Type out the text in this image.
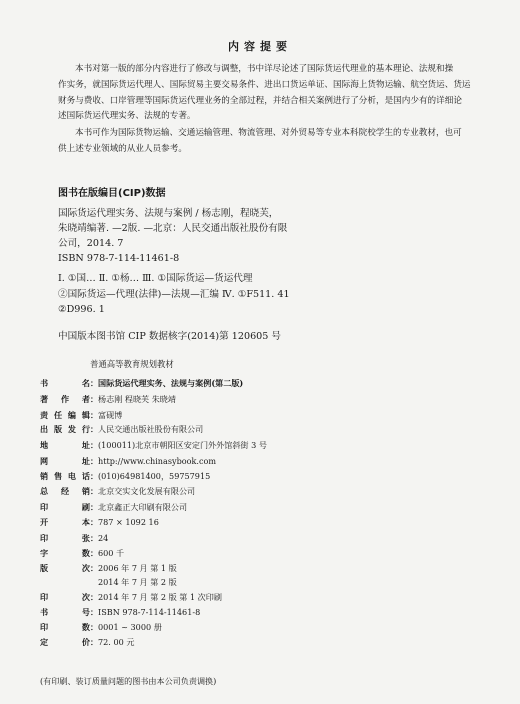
内容提要
本书对第一版的部分内容进行了修改与调整，书中详尽论述了国际货运代理业的基本理论、法规和操
作实务，就国际货运代理人、国际贸易主要交易条件、进出口货运单证、国际海上货物运输、航空货运、货运
财务与费收、口岸管理等国际货运代理业务的全部过程，并结合相关案例进行了分析，是国内少有的详细论
述国际货运代理实务、法规的专著。
本书可作为国际货物运输、交通运输管理、物流管理、对外贸易等专业本科院校学生的专业教材，也可
供上述专业领域的从业人员参考。
图书在版编目(CIP)数据
国际货运代理实务、法规与案例 / 杨志刚，程晓芙，
朱晓靖编著. —2版. —北京：人民交通出版社股份有限
公司，2014. 7
ISBN 978-7-114-11461-8
Ⅰ. ①国… Ⅱ. ①杨… Ⅲ. ①国际货运—货运代理
②国际货运—代理(法律)—法规—汇编 Ⅳ. ①F511. 41
②D996. 1
中国版本图书馆 CIP 数据核字(2014)第 120605 号
普通高等教育规划教材
书名 ： 国际货运代理实务、法规与案例(第二版)
著作者 ： 杨志刚 程晓芙 朱晓靖
责任编辑 ： 富砚博
出版发行 ： 人民交通出版社股份有限公司
地址 ： (100011)北京市朝阳区安定门外外馆斜街 3 号
网址 ： http://www.chinasybook.com
销售电话 ： (010)64981400，59757915
总经销 ： 北京交实文化发展有限公司
印刷 ： 北京鑫正大印刷有限公司
开本 ： 787 × 1092 16
印张 ： 24
字数 ： 600 千
版次 ： 2006 年 7 月 第 1 版
2014 年 7 月 第 2 版
印次 ： 2014 年 7 月 第 2 版 第 1 次印刷
书号 ： ISBN 978-7-114-11461-8
印数 ： 0001 ~ 3000 册
定价 ： 72. 00 元
(有印刷、装订质量问题的图书由本公司负责调换)
